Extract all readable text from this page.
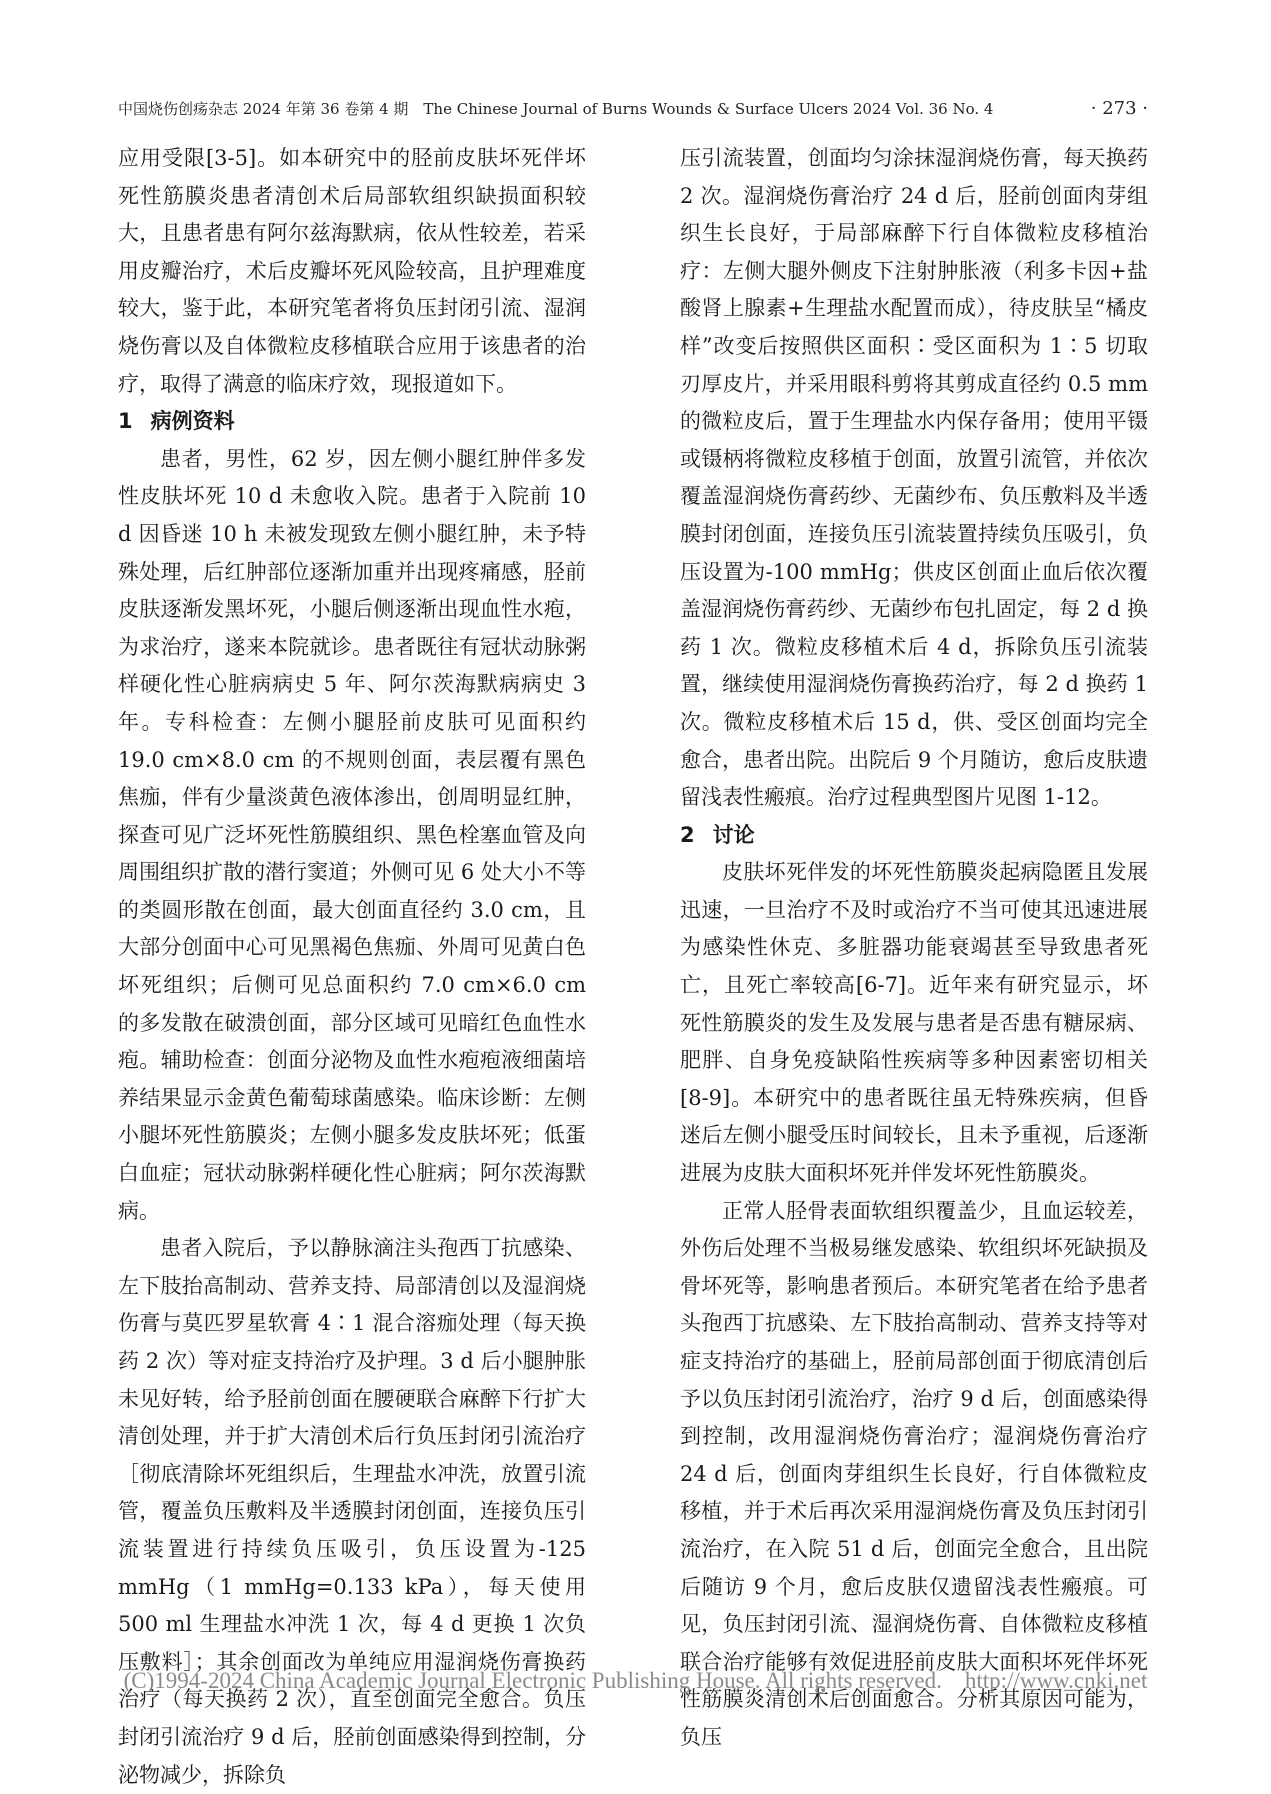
中国烧伤创疡杂志 2024 年第 36 卷第 4 期　The Chinese Journal of Burns Wounds & Surface Ulcers 2024 Vol. 36 No. 4	· 273 ·

应用受限[3-5]。如本研究中的胫前皮肤坏死伴坏死性筋膜炎患者清创术后局部软组织缺损面积较大，且患者患有阿尔兹海默病，依从性较差，若采用皮瓣治疗，术后皮瓣坏死风险较高，且护理难度较大，鉴于此，本研究笔者将负压封闭引流、湿润烧伤膏以及自体微粒皮移植联合应用于该患者的治疗，取得了满意的临床疗效，现报道如下。

1 病例资料

患者，男性，62 岁，因左侧小腿红肿伴多发性皮肤坏死 10 d 未愈收入院。患者于入院前 10 d 因昏迷 10 h 未被发现致左侧小腿红肿，未予特殊处理，后红肿部位逐渐加重并出现疼痛感，胫前皮肤逐渐发黑坏死，小腿后侧逐渐出现血性水疱，为求治疗，遂来本院就诊。患者既往有冠状动脉粥样硬化性心脏病病史 5 年、阿尔茨海默病病史 3 年。专科检查：左侧小腿胫前皮肤可见面积约 19.0 cm×8.0 cm 的不规则创面，表层覆有黑色焦痂，伴有少量淡黄色液体渗出，创周明显红肿，探查可见广泛坏死性筋膜组织、黑色栓塞血管及向周围组织扩散的潜行窦道；外侧可见 6 处大小不等的类圆形散在创面，最大创面直径约 3.0 cm，且大部分创面中心可见黑褐色焦痂、外周可见黄白色坏死组织；后侧可见总面积约 7.0 cm×6.0 cm 的多发散在破溃创面，部分区域可见暗红色血性水疱。辅助检查：创面分泌物及血性水疱疱液细菌培养结果显示金黄色葡萄球菌感染。临床诊断：左侧小腿坏死性筋膜炎；左侧小腿多发皮肤坏死；低蛋白血症；冠状动脉粥样硬化性心脏病；阿尔茨海默病。

患者入院后，予以静脉滴注头孢西丁抗感染、左下肢抬高制动、营养支持、局部清创以及湿润烧伤膏与莫匹罗星软膏 4∶1 混合溶痂处理（每天换药 2 次）等对症支持治疗及护理。3 d 后小腿肿胀未见好转，给予胫前创面在腰硬联合麻醉下行扩大清创处理，并于扩大清创术后行负压封闭引流治疗［彻底清除坏死组织后，生理盐水冲洗，放置引流管，覆盖负压敷料及半透膜封闭创面，连接负压引流装置进行持续负压吸引，负压设置为-125 mmHg（1 mmHg=0.133 kPa），每天使用 500 ml 生理盐水冲洗 1 次，每 4 d 更换 1 次负压敷料］；其余创面改为单纯应用湿润烧伤膏换药治疗（每天换药 2 次），直至创面完全愈合。负压封闭引流治疗 9 d 后，胫前创面感染得到控制，分泌物减少，拆除负

压引流装置，创面均匀涂抹湿润烧伤膏，每天换药 2 次。湿润烧伤膏治疗 24 d 后，胫前创面肉芽组织生长良好，于局部麻醉下行自体微粒皮移植治疗：左侧大腿外侧皮下注射肿胀液（利多卡因+盐酸肾上腺素+生理盐水配置而成），待皮肤呈“橘皮样”改变后按照供区面积∶受区面积为 1∶5 切取刃厚皮片，并采用眼科剪将其剪成直径约 0.5 mm 的微粒皮后，置于生理盐水内保存备用；使用平镊或镊柄将微粒皮移植于创面，放置引流管，并依次覆盖湿润烧伤膏药纱、无菌纱布、负压敷料及半透膜封闭创面，连接负压引流装置持续负压吸引，负压设置为-100 mmHg；供皮区创面止血后依次覆盖湿润烧伤膏药纱、无菌纱布包扎固定，每 2 d 换药 1 次。微粒皮移植术后 4 d，拆除负压引流装置，继续使用湿润烧伤膏换药治疗，每 2 d 换药 1 次。微粒皮移植术后 15 d，供、受区创面均完全愈合，患者出院。出院后 9 个月随访，愈后皮肤遗留浅表性瘢痕。治疗过程典型图片见图 1-12。

2 讨论

皮肤坏死伴发的坏死性筋膜炎起病隐匿且发展迅速，一旦治疗不及时或治疗不当可使其迅速进展为感染性休克、多脏器功能衰竭甚至导致患者死亡，且死亡率较高[6-7]。近年来有研究显示，坏死性筋膜炎的发生及发展与患者是否患有糖尿病、肥胖、自身免疫缺陷性疾病等多种因素密切相关[8-9]。本研究中的患者既往虽无特殊疾病，但昏迷后左侧小腿受压时间较长，且未予重视，后逐渐进展为皮肤大面积坏死并伴发坏死性筋膜炎。

正常人胫骨表面软组织覆盖少，且血运较差，外伤后处理不当极易继发感染、软组织坏死缺损及骨坏死等，影响患者预后。本研究笔者在给予患者头孢西丁抗感染、左下肢抬高制动、营养支持等对症支持治疗的基础上，胫前局部创面于彻底清创后予以负压封闭引流治疗，治疗 9 d 后，创面感染得到控制，改用湿润烧伤膏治疗；湿润烧伤膏治疗 24 d 后，创面肉芽组织生长良好，行自体微粒皮移植，并于术后再次采用湿润烧伤膏及负压封闭引流治疗，在入院 51 d 后，创面完全愈合，且出院后随访 9 个月，愈后皮肤仅遗留浅表性瘢痕。可见，负压封闭引流、湿润烧伤膏、自体微粒皮移植联合治疗能够有效促进胫前皮肤大面积坏死伴坏死性筋膜炎清创术后创面愈合。分析其原因可能为，负压

(C)1994-2024 China Academic Journal Electronic Publishing House. All rights reserved.　http://www.cnki.net
